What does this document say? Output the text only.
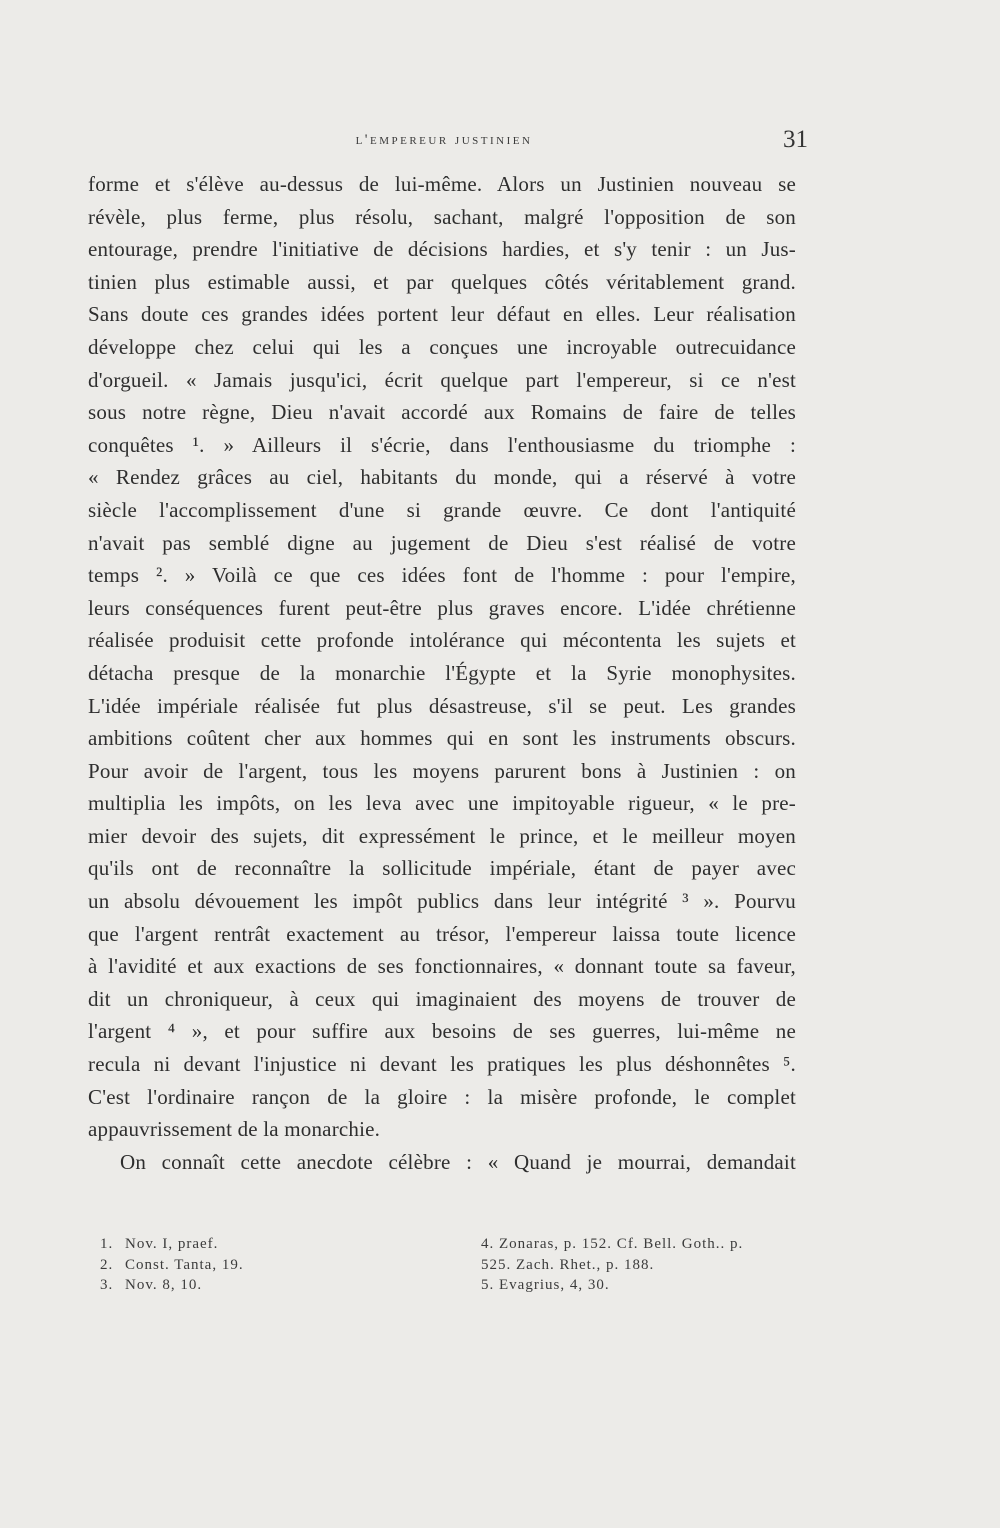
l'empereur justinien	31
forme et s'élève au-dessus de lui-même. Alors un Justinien nouveau se
révèle, plus ferme, plus résolu, sachant, malgré l'opposition de son
entourage, prendre l'initiative de décisions hardies, et s'y tenir : un Jus-
tinien plus estimable aussi, et par quelques côtés véritablement grand.
Sans doute ces grandes idées portent leur défaut en elles. Leur réalisation
développe chez celui qui les a conçues une incroyable outrecuidance
d'orgueil. « Jamais jusqu'ici, écrit quelque part l'empereur, si ce n'est
sous notre règne, Dieu n'avait accordé aux Romains de faire de telles
conquêtes ¹. » Ailleurs il s'écrie, dans l'enthousiasme du triomphe :
« Rendez grâces au ciel, habitants du monde, qui a réservé à votre
siècle l'accomplissement d'une si grande œuvre. Ce dont l'antiquité
n'avait pas semblé digne au jugement de Dieu s'est réalisé de votre
temps ². » Voilà ce que ces idées font de l'homme : pour l'empire,
leurs conséquences furent peut-être plus graves encore. L'idée chrétienne
réalisée produisit cette profonde intolérance qui mécontenta les sujets et
détacha presque de la monarchie l'Égypte et la Syrie monophysites.
L'idée impériale réalisée fut plus désastreuse, s'il se peut. Les grandes
ambitions coûtent cher aux hommes qui en sont les instruments obscurs.
Pour avoir de l'argent, tous les moyens parurent bons à Justinien : on
multiplia les impôts, on les leva avec une impitoyable rigueur, « le pre-
mier devoir des sujets, dit expressément le prince, et le meilleur moyen
qu'ils ont de reconnaître la sollicitude impériale, étant de payer avec
un absolu dévouement les impôt publics dans leur intégrité ³ ». Pourvu
que l'argent rentrât exactement au trésor, l'empereur laissa toute licence
à l'avidité et aux exactions de ses fonctionnaires, « donnant toute sa faveur,
dit un chroniqueur, à ceux qui imaginaient des moyens de trouver de
l'argent ⁴ », et pour suffire aux besoins de ses guerres, lui-même ne
recula ni devant l'injustice ni devant les pratiques les plus déshonnêtes ⁵.
C'est l'ordinaire rançon de la gloire : la misère profonde, le complet
appauvrissement de la monarchie.
On connaît cette anecdote célèbre : « Quand je mourrai, demandait
1. Nov. I, praef.
2. Const. Tanta, 19.
3. Nov. 8, 10.
4. Zonaras, p. 152. Cf. Bell. Goth.. p.
525. Zach. Rhet., p. 188.
5. Evagrius, 4, 30.
